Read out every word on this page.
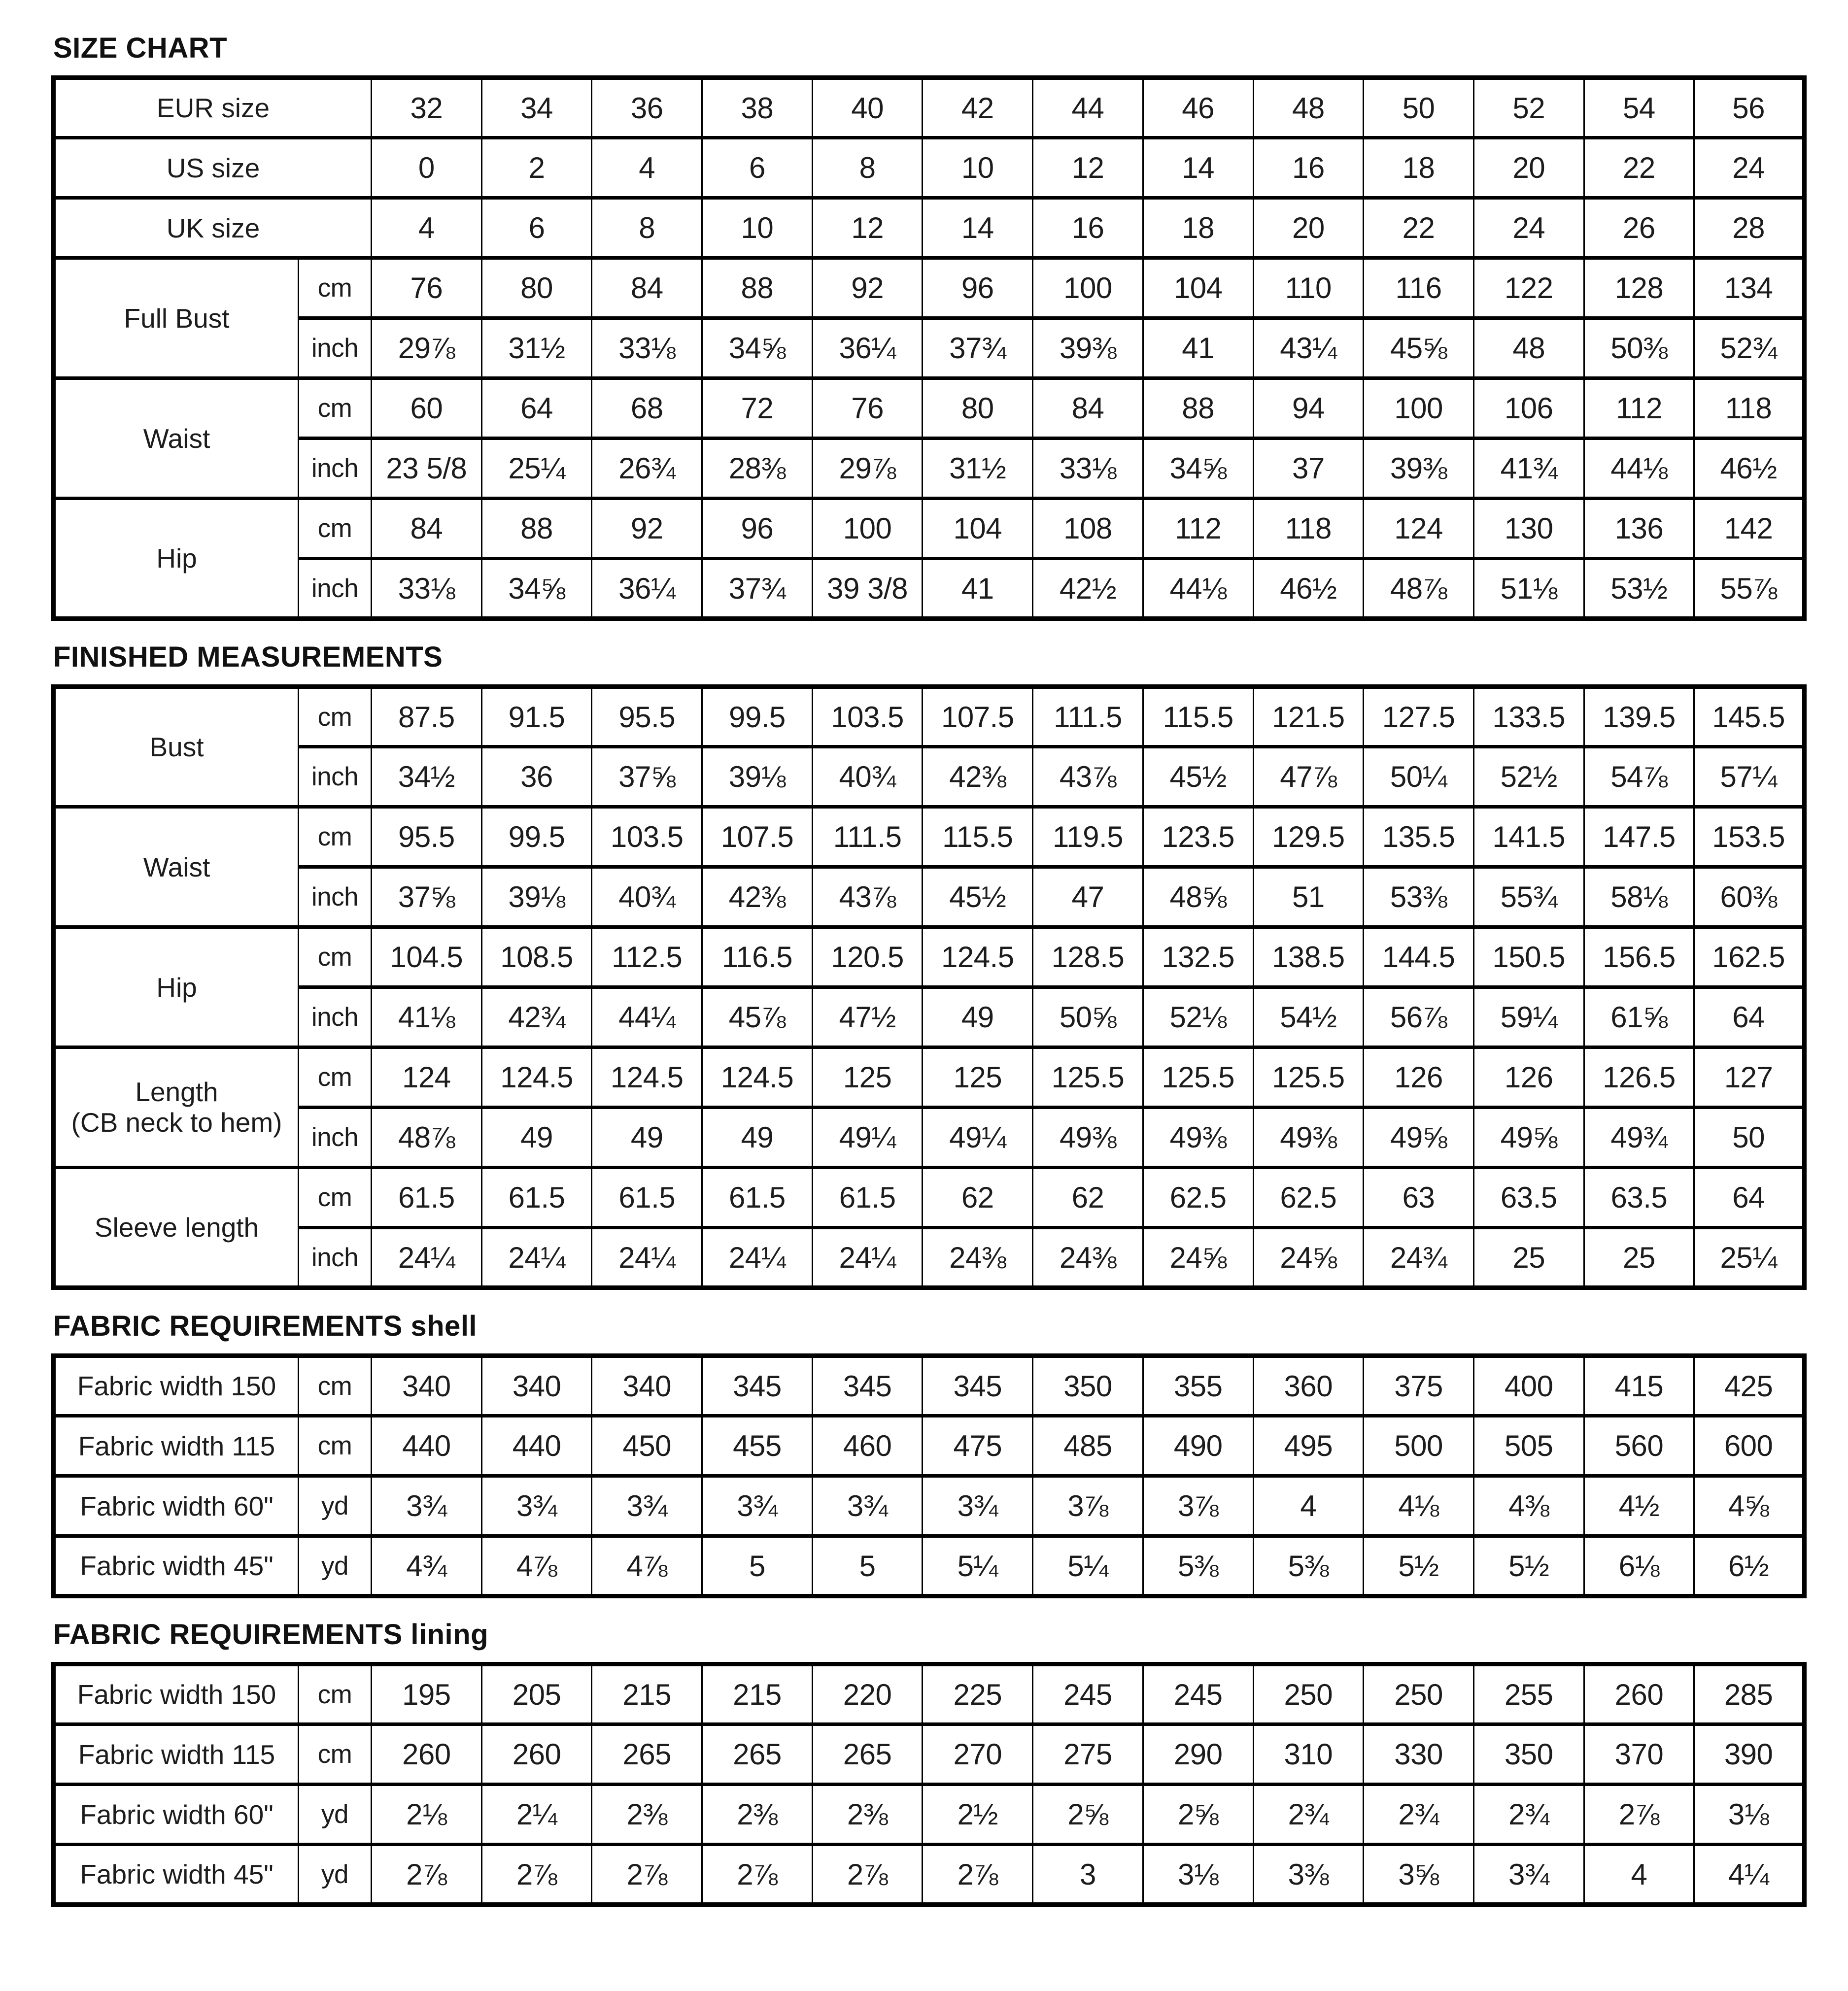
SIZE CHART
EUR size		32	34	36	38	40	42	44	46	48	50	52	54	56
US size		0	2	4	6	8	10	12	14	16	18	20	22	24
UK size		4	6	8	10	12	14	16	18	20	22	24	26	28
Full Bust	cm	76	80	84	88	92	96	100	104	110	116	122	128	134
	inch	29⅞	31½	33⅛	34⅝	36¼	37¾	39⅜	41	43¼	45⅝	48	50⅜	52¾
Waist	cm	60	64	68	72	76	80	84	88	94	100	106	112	118
	inch	23 5/8	25¼	26¾	28⅜	29⅞	31½	33⅛	34⅝	37	39⅜	41¾	44⅛	46½
Hip	cm	84	88	92	96	100	104	108	112	118	124	130	136	142
	inch	33⅛	34⅝	36¼	37¾	39 3/8	41	42½	44⅛	46½	48⅞	51⅛	53½	55⅞
FINISHED MEASUREMENTS
Bust	cm	87.5	91.5	95.5	99.5	103.5	107.5	111.5	115.5	121.5	127.5	133.5	139.5	145.5
	inch	34½	36	37⅝	39⅛	40¾	42⅜	43⅞	45½	47⅞	50¼	52½	54⅞	57¼
Waist	cm	95.5	99.5	103.5	107.5	111.5	115.5	119.5	123.5	129.5	135.5	141.5	147.5	153.5
	inch	37⅝	39⅛	40¾	42⅜	43⅞	45½	47	48⅝	51	53⅜	55¾	58⅛	60⅜
Hip	cm	104.5	108.5	112.5	116.5	120.5	124.5	128.5	132.5	138.5	144.5	150.5	156.5	162.5
	inch	41⅛	42¾	44¼	45⅞	47½	49	50⅝	52⅛	54½	56⅞	59¼	61⅝	64

Length
(CB neck to hem)	cm	124	124.5	124.5	124.5	125	125	125.5	125.5	125.5	126	126	126.5	127
	inch	48⅞	49	49	49	49¼	49¼	49⅜	49⅜	49⅜	49⅝	49⅝	49¾	50
Sleeve length	cm	61.5	61.5	61.5	61.5	61.5	62	62	62.5	62.5	63	63.5	63.5	64
	inch	24¼	24¼	24¼	24¼	24¼	24⅜	24⅜	24⅝	24⅝	24¾	25	25	25¼
FABRIC REQUIREMENTS shell
Fabric width 150	cm	340	340	340	345	345	345	350	355	360	375	400	415	425
Fabric width 115	cm	440	440	450	455	460	475	485	490	495	500	505	560	600
Fabric width 60"	yd	3¾	3¾	3¾	3¾	3¾	3¾	3⅞	3⅞	4	4⅛	4⅜	4½	4⅝
Fabric width 45"	yd	4¾	4⅞	4⅞	5	5	5¼	5¼	5⅜	5⅜	5½	5½	6⅛	6½
FABRIC REQUIREMENTS lining
Fabric width 150	cm	195	205	215	215	220	225	245	245	250	250	255	260	285
Fabric width 115	cm	260	260	265	265	265	270	275	290	310	330	350	370	390
Fabric width 60"	yd	2⅛	2¼	2⅜	2⅜	2⅜	2½	2⅝	2⅝	2¾	2¾	2¾	2⅞	3⅛
Fabric width 45"	yd	2⅞	2⅞	2⅞	2⅞	2⅞	2⅞	3	3⅛	3⅜	3⅝	3¾	4	4¼
